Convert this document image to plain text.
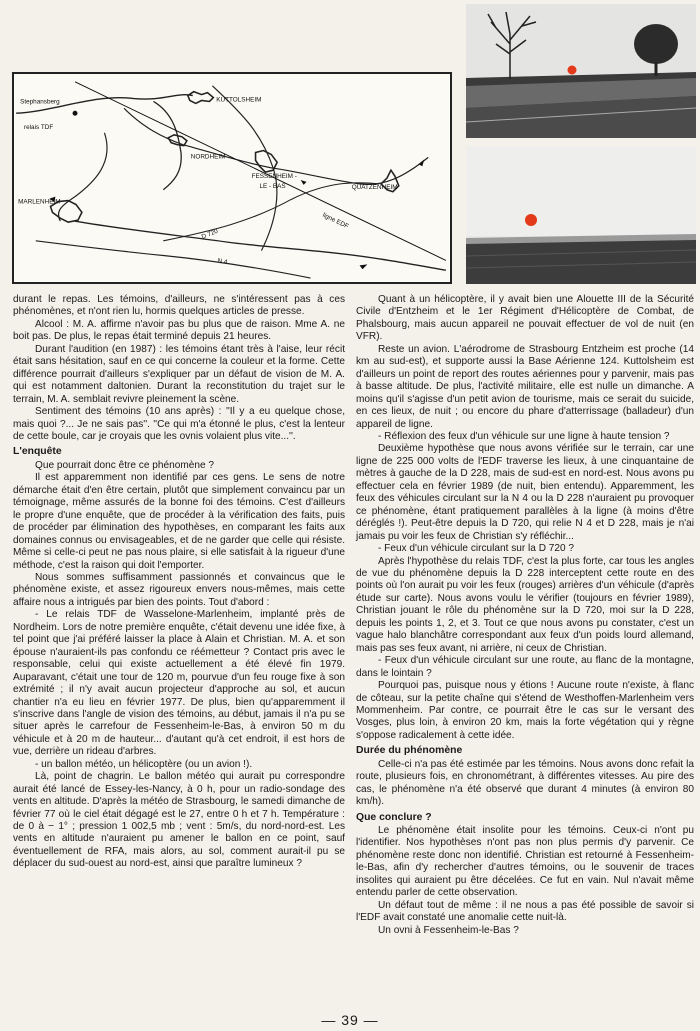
Stephansberg
relais TDF
KUTTOLSHEIM
NORDHEIM
FESSENHEIM -
LE - BAS	QUATZENHEIM
MARLENHEIM
D 720
N 4
ligne EDF

durant le repas. Les témoins, d'ailleurs, ne s'intéressent pas à ces phénomènes, et n'ont rien lu, hormis quelques articles de presse.

Alcool : M. A. affirme n'avoir pas bu plus que de raison. Mme A. ne boit pas. De plus, le repas était terminé depuis 21 heures.

Durant l'audition (en 1987) : les témoins étant très à l'aise, leur récit était sans hésitation, sauf en ce qui concerne la couleur et la forme. Cette différence pourrait d'ailleurs s'expliquer par un défaut de vision de M. A. qui est notamment daltonien. Durant la reconstitution du trajet sur le terrain, M. A. semblait revivre pleinement la scène.

Sentiment des témoins (10 ans après) : ''Il y a eu quelque chose, mais quoi ?... Je ne sais pas''. ''Ce qui m'a étonné le plus, c'est la lenteur de cette boule, car je croyais que les ovnis volaient plus vite...''.

L'enquête

Que pourrait donc être ce phénomène ?

Il est apparemment non identifié par ces gens. Le sens de notre démarche était d'en être certain, plutôt que simplement convaincu par un témoignage, même assurés de la bonne foi des témoins. C'est d'ailleurs le propre d'une enquête, que de procéder à la vérification des faits, puis de procéder par élimination des hypothèses, en comparant les faits aux domaines connus ou envisageables, et de ne garder que celle qui résiste. Même si celle-ci peut ne pas nous plaire, si elle satisfait à la rigueur d'une méthode, c'est la raison qui doit l'emporter.

Nous sommes suffisamment passionnés et convaincus que le phénomène existe, et assez rigoureux envers nous-mêmes, mais cette affaire nous a intrigués par bien des points. Tout d'abord :

- Le relais TDF de Wasselone-Marlenheim, implanté près de Nordheim. Lors de notre première enquête, c'était devenu une idée fixe, à tel point que j'ai préféré laisser la place à Alain et Christian. M. A. et son épouse n'auraient-ils pas confondu ce réémetteur ? Contact pris avec le responsable, celui qui existe actuellement a été élevé fin 1979. Auparavant, c'était une tour de 120 m, pourvue d'un feu rouge fixe à son extrémité ; il n'y avait aucun projecteur d'approche au sol, et aucun chantier n'a eu lieu en février 1977. De plus, bien qu'apparemment il s'inscrive dans l'angle de vision des témoins, au début, jamais il n'a pu se situer après le carrefour de Fessenheim-le-Bas, à environ 50 m du véhicule et à 20 m de hauteur... d'autant qu'à cet endroit, il est hors de vue, derrière un rideau d'arbres.

- un ballon météo, un hélicoptère (ou un avion !).

Là, point de chagrin. Le ballon météo qui aurait pu correspondre aurait été lancé de Essey-les-Nancy, à 0 h, pour un radio-sondage des vents en altitude. D'après la météo de Strasbourg, le samedi dimanche de février 77 où le ciel était dégagé est le 27, entre 0 h et 7 h. Température : de 0 à − 1° ; pression 1 002,5 mb ; vent : 5m/s, du nord-nord-est. Les vents en altitude n'auraient pu amener le ballon en ce point, sauf éventuellement de RFA, mais alors, au sol, comment aurait-il pu se déplacer du sud-ouest au nord-est, ainsi que paraître lumineux ?

Quant à un hélicoptère, il y avait bien une Alouette III de la Sécurité Civile d'Entzheim et le 1er Régiment d'Hélicoptère de Combat, de Phalsbourg, mais aucun appareil ne pouvait effectuer de vol de nuit (en VFR).

Reste un avion. L'aérodrome de Strasbourg Entzheim est proche (14 km au sud-est), et supporte aussi la Base Aérienne 124. Kuttolsheim est d'ailleurs un point de report des routes aériennes pour y parvenir, mais pas à basse altitude. De plus, l'activité militaire, elle est nulle un dimanche. A moins qu'il s'agisse d'un petit avion de tourisme, mais ce serait du suicide, en ces lieux, de nuit ; ou encore du phare d'atterrissage (balladeur) d'un appareil de ligne.

- Réflexion des feux d'un véhicule sur une ligne à haute tension ?

Deuxième hypothèse que nous avons vérifiée sur le terrain, car une ligne de 225 000 volts de l'EDF traverse les lieux, à une cinquantaine de mètres à gauche de la D 228, mais de sud-est en nord-est. Nous avons pu effectuer cela en février 1989 (de nuit, bien entendu). Apparemment, les feux des véhicules circulant sur la N 4 ou la D 228 n'auraient pu provoquer ce phénomène, étant pratiquement parallèles à la ligne (à moins d'être déréglés !). Peut-être depuis la D 720, qui relie N 4 et D 228, mais je n'ai jamais pu voir les feux de Christian s'y réfléchir...

- Feux d'un véhicule circulant sur la D 720 ?

Après l'hypothèse du relais TDF, c'est la plus forte, car tous les angles de vue du phénomène depuis la D 228 interceptent cette route en des points où l'on aurait pu voir les feux (rouges) arrières d'un véhicule (d'après étude sur carte). Nous avons voulu le vérifier (toujours en février 1989), Christian jouant le rôle du phénomène sur la D 720, moi sur la D 228, depuis les points 1, 2, et 3. Tout ce que nous avons pu constater, c'est un vague halo blanchâtre correspondant aux feux d'un poids lourd allemand, mais pas ses feux avant, ni arrière, ni ceux de Christian.

- Feux d'un véhicule circulant sur une route, au flanc de la montagne, dans le lointain ?

Pourquoi pas, puisque nous y étions ! Aucune route n'existe, à flanc de côteau, sur la petite chaîne qui s'étend de Westhoffen-Marlenheim vers Mommenheim. Par contre, ce pourrait être le cas sur le versant des Vosges, plus loin, à environ 20 km, mais la forte végétation qui y règne s'oppose radicalement à cette idée.

Durée du phénomène

Celle-ci n'a pas été estimée par les témoins. Nous avons donc refait la route, plusieurs fois, en chronométrant, à différentes vitesses. Au pire des cas, le phénomène n'a été observé que durant 4 minutes (à environ 80 km/h).

Que conclure ?

Le phénomène était insolite pour les témoins. Ceux-ci n'ont pu l'identifier. Nos hypothèses n'ont pas non plus permis d'y parvenir. Ce phénomène reste donc non identifié. Christian est retourné à Fessenheim-le-Bas, afin d'y rechercher d'autres témoins, ou le souvenir de traces insolites qui auraient pu être décelées. Ce fut en vain. Nul n'avait même entendu parler de cette observation.

Un défaut tout de même : il ne nous a pas été possible de savoir si l'EDF avait constaté une anomalie cette nuit-là.

Un ovni à Fessenheim-le-Bas ?

— 39 —
